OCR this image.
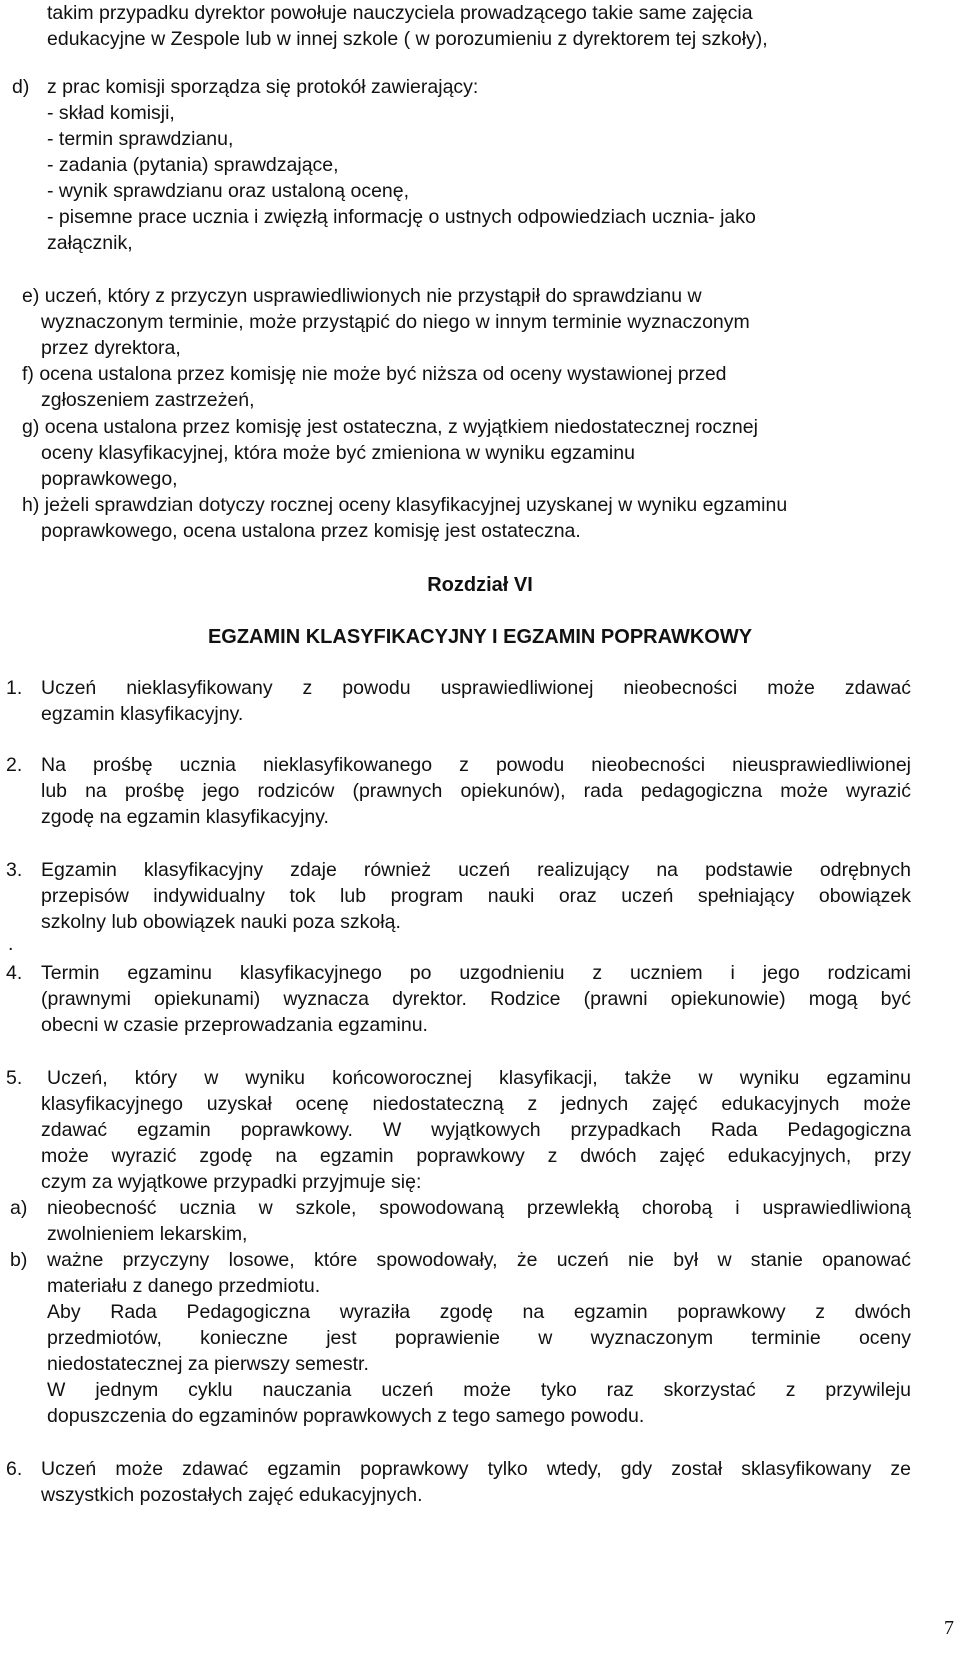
takim przypadku dyrektor powołuje nauczyciela prowadzącego takie same zajęcia
edukacyjne w Zespole lub w innej szkole ( w porozumieniu z dyrektorem tej szkoły),
d) z prac komisji sporządza się protokół zawierający:
- skład komisji,
- termin sprawdzianu,
- zadania (pytania) sprawdzające,
- wynik sprawdzianu oraz ustaloną ocenę,
- pisemne prace ucznia i zwięzłą informację o ustnych odpowiedziach ucznia- jako
załącznik,
e) uczeń, który z przyczyn usprawiedliwionych nie przystąpił do sprawdzianu w
wyznaczonym terminie, może przystąpić do niego w innym terminie wyznaczonym
przez dyrektora,
f) ocena ustalona przez komisję nie może być niższa od oceny wystawionej przed
zgłoszeniem zastrzeżeń,
g) ocena ustalona przez komisję jest ostateczna, z wyjątkiem niedostatecznej rocznej
oceny klasyfikacyjnej, która może być zmieniona w wyniku egzaminu
poprawkowego,
h) jeżeli sprawdzian dotyczy rocznej oceny klasyfikacyjnej uzyskanej w wyniku egzaminu
poprawkowego, ocena ustalona przez komisję jest ostateczna.
Rozdział VI
EGZAMIN KLASYFIKACYJNY I EGZAMIN POPRAWKOWY
1. Uczeń nieklasyfikowany z powodu usprawiedliwionej nieobecności może zdawać
egzamin klasyfikacyjny.
2. Na prośbę ucznia nieklasyfikowanego z powodu nieobecności nieusprawiedliwionej
lub na prośbę jego rodziców (prawnych opiekunów), rada pedagogiczna może wyrazić
zgodę na egzamin klasyfikacyjny.
3. Egzamin klasyfikacyjny zdaje również uczeń realizujący na podstawie odrębnych
przepisów indywidualny tok lub program nauki oraz uczeń spełniający obowiązek
szkolny lub obowiązek nauki poza szkołą.
.
4. Termin egzaminu klasyfikacyjnego po uzgodnieniu z uczniem i jego rodzicami
(prawnymi opiekunami) wyznacza dyrektor. Rodzice (prawni opiekunowie) mogą być
obecni w czasie przeprowadzania egzaminu.
5. Uczeń, który w wyniku końcoworocznej klasyfikacji, także w wyniku egzaminu
klasyfikacyjnego uzyskał ocenę niedostateczną z jednych zajęć edukacyjnych może
zdawać egzamin poprawkowy. W wyjątkowych przypadkach Rada Pedagogiczna
może wyrazić zgodę na egzamin poprawkowy z dwóch zajęć edukacyjnych, przy
czym za wyjątkowe przypadki przyjmuje się:
a) nieobecność ucznia w szkole, spowodowaną przewlekłą chorobą i usprawiedliwioną
zwolnieniem lekarskim,
b) ważne przyczyny losowe, które spowodowały, że uczeń nie był w stanie opanować
materiału z danego przedmiotu.
Aby Rada Pedagogiczna wyraziła zgodę na egzamin poprawkowy z dwóch
przedmiotów, konieczne jest poprawienie w wyznaczonym terminie oceny
niedostatecznej za pierwszy semestr.
W jednym cyklu nauczania uczeń może tyko raz skorzystać z przywileju
dopuszczenia do egzaminów poprawkowych z tego samego powodu.
6. Uczeń może zdawać egzamin poprawkowy tylko wtedy, gdy został sklasyfikowany ze
wszystkich pozostałych zajęć edukacyjnych.
7
